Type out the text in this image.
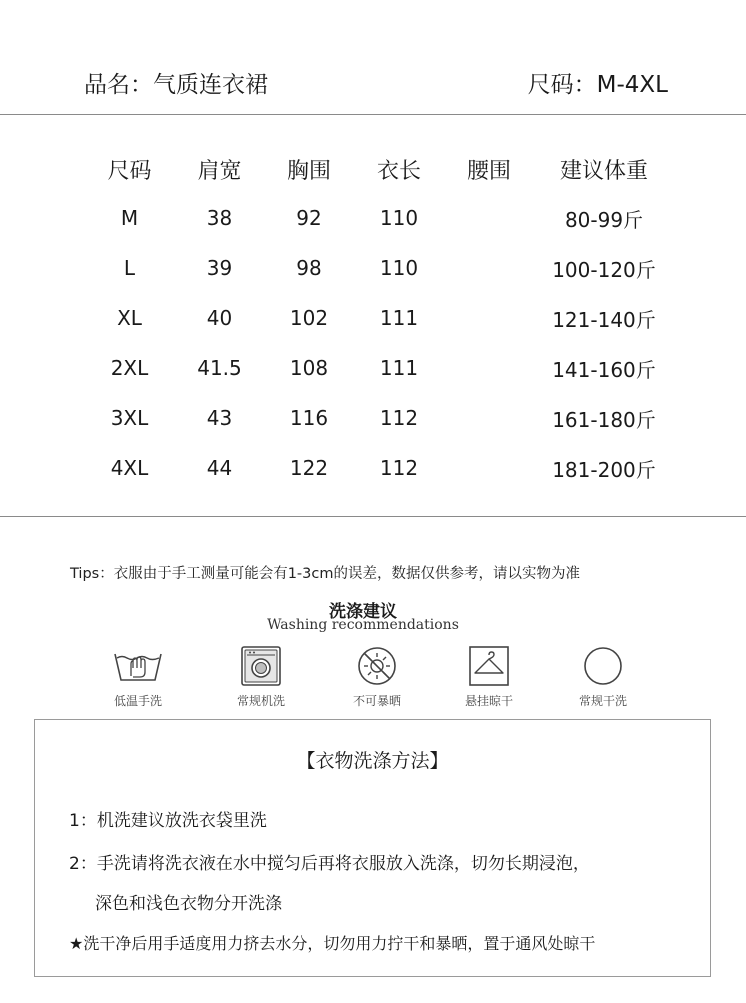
品名：气质连衣裙	尺码：M-4XL
尺码	肩宽	胸围	衣长	腰围	建议体重
M	38	92	110		80-99斤
L	39	98	110		100-120斤
XL	40	102	111		121-140斤
2XL	41.5	108	111		141-160斤
3XL	43	116	112		161-180斤
4XL	44	122	112		181-200斤
Tips：衣服由于手工测量可能会有1-3cm的误差，数据仅供参考，请以实物为准
洗涤建议
Washing recommendations
低温手洗	常规机洗	不可暴晒	悬挂晾干	常规干洗
【衣物洗涤方法】
1：机洗建议放洗衣袋里洗
2：手洗请将洗衣液在水中搅匀后再将衣服放入洗涤，切勿长期浸泡，
深色和浅色衣物分开洗涤
★洗干净后用手适度用力挤去水分，切勿用力拧干和暴晒，置于通风处晾干
